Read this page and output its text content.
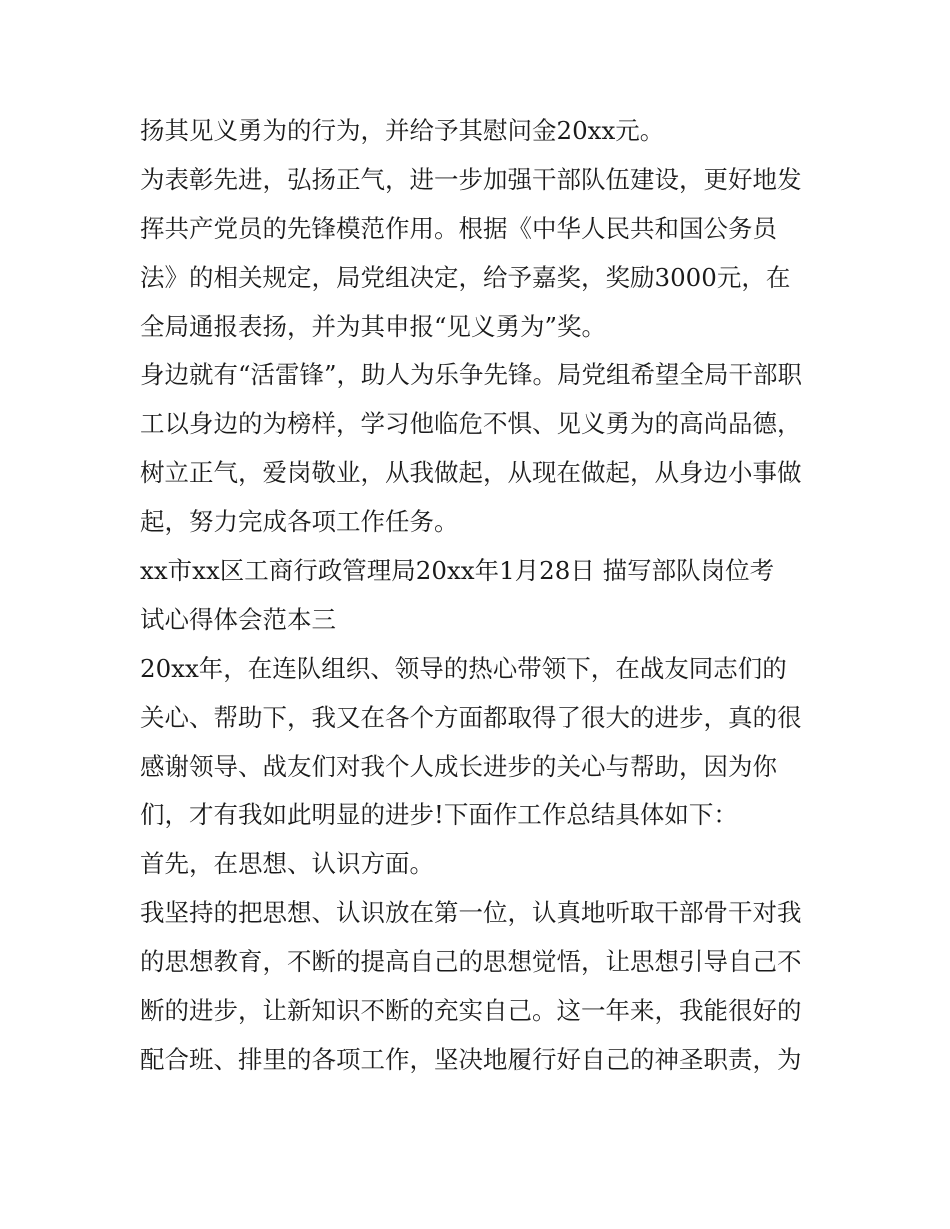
扬其见义勇为的行为，并给予其慰问金20xx元。
为表彰先进，弘扬正气，进一步加强干部队伍建设，更好地发
挥共产党员的先锋模范作用。根据《中华人民共和国公务员
法》的相关规定，局党组决定，给予嘉奖，奖励3000元，在
全局通报表扬，并为其申报“见义勇为”奖。
身边就有“活雷锋”，助人为乐争先锋。局党组希望全局干部职
工以身边的为榜样，学习他临危不惧、见义勇为的高尚品德，
树立正气，爱岗敬业，从我做起，从现在做起，从身边小事做
起，努力完成各项工作任务。
xx市xx区工商行政管理局20xx年1月28日 描写部队岗位考
试心得体会范本三
20xx年，在连队组织、领导的热心带领下，在战友同志们的
关心、帮助下，我又在各个方面都取得了很大的进步，真的很
感谢领导、战友们对我个人成长进步的关心与帮助，因为你
们，才有我如此明显的进步!下面作工作总结具体如下：
首先，在思想、认识方面。
我坚持的把思想、认识放在第一位，认真地听取干部骨干对我
的思想教育，不断的提高自己的思想觉悟，让思想引导自己不
断的进步，让新知识不断的充实自己。这一年来，我能很好的
配合班、排里的各项工作，坚决地履行好自己的神圣职责，为
